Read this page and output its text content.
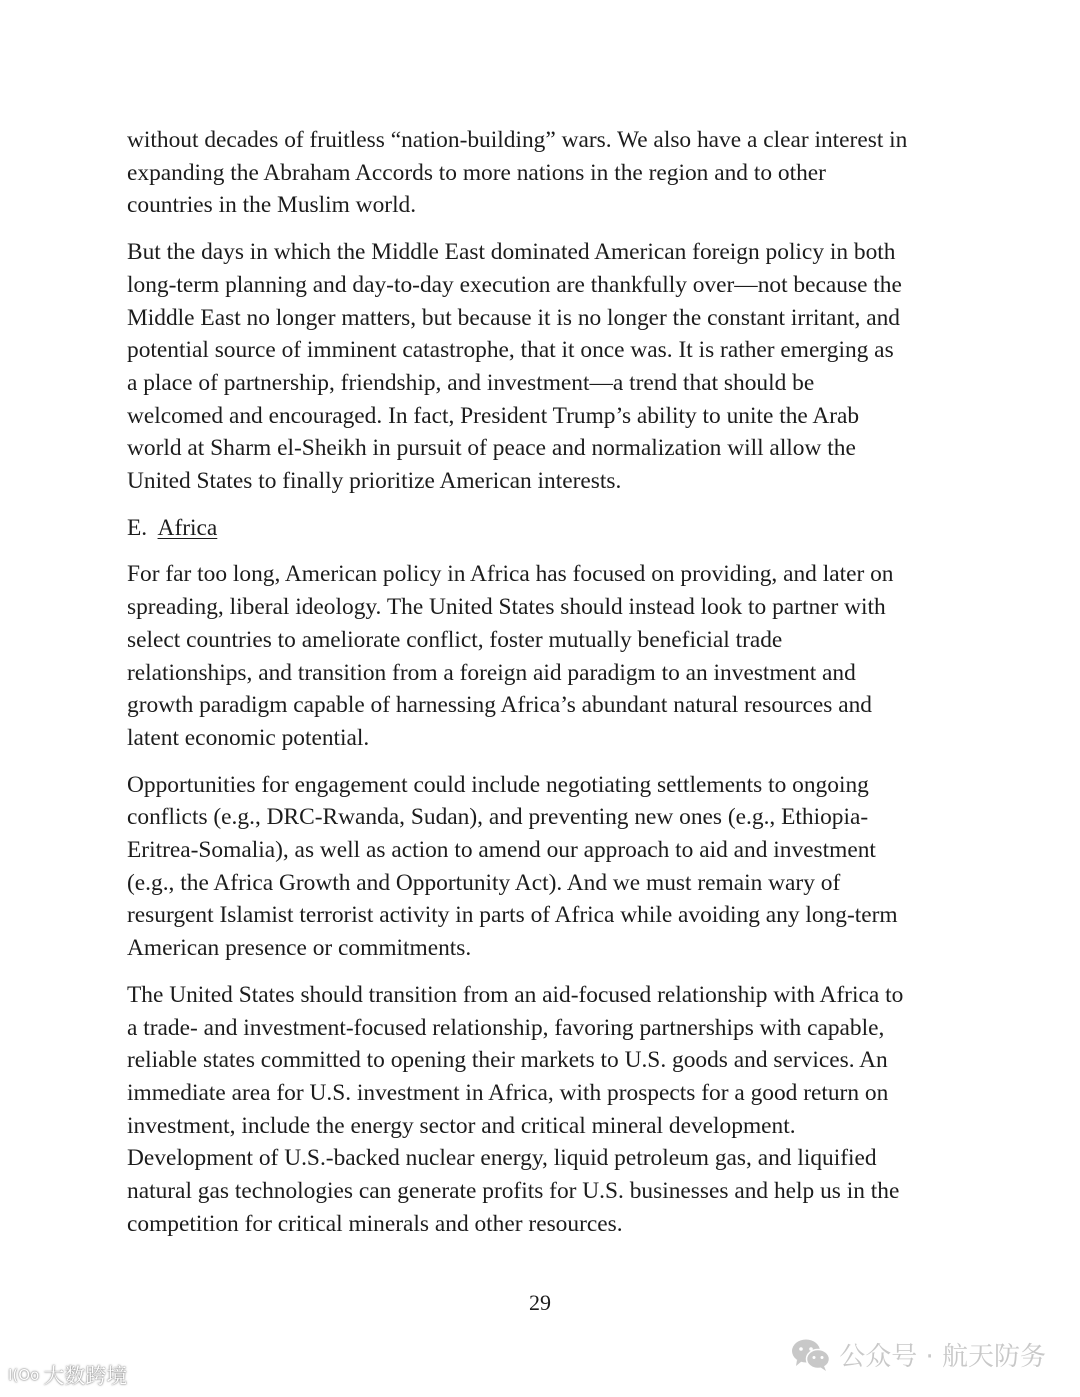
without decades of fruitless “nation-building” wars. We also have a clear interest in
expanding the Abraham Accords to more nations in the region and to other
countries in the Muslim world.

But the days in which the Middle East dominated American foreign policy in both
long-term planning and day-to-day execution are thankfully over—not because the
Middle East no longer matters, but because it is no longer the constant irritant, and
potential source of imminent catastrophe, that it once was. It is rather emerging as
a place of partnership, friendship, and investment—a trend that should be
welcomed and encouraged. In fact, President Trump’s ability to unite the Arab
world at Sharm el-Sheikh in pursuit of peace and normalization will allow the
United States to finally prioritize American interests.

E. Africa

For far too long, American policy in Africa has focused on providing, and later on
spreading, liberal ideology. The United States should instead look to partner with
select countries to ameliorate conflict, foster mutually beneficial trade
relationships, and transition from a foreign aid paradigm to an investment and
growth paradigm capable of harnessing Africa’s abundant natural resources and
latent economic potential.

Opportunities for engagement could include negotiating settlements to ongoing
conflicts (e.g., DRC-Rwanda, Sudan), and preventing new ones (e.g., Ethiopia-
Eritrea-Somalia), as well as action to amend our approach to aid and investment
(e.g., the Africa Growth and Opportunity Act). And we must remain wary of
resurgent Islamist terrorist activity in parts of Africa while avoiding any long-term
American presence or commitments.

The United States should transition from an aid-focused relationship with Africa to
a trade- and investment-focused relationship, favoring partnerships with capable,
reliable states committed to opening their markets to U.S. goods and services. An
immediate area for U.S. investment in Africa, with prospects for a good return on
investment, include the energy sector and critical mineral development.
Development of U.S.-backed nuclear energy, liquid petroleum gas, and liquified
natural gas technologies can generate profits for U.S. businesses and help us in the
competition for critical minerals and other resources.

29
I(Oo 大数跨境
公众号 · 航天防务
